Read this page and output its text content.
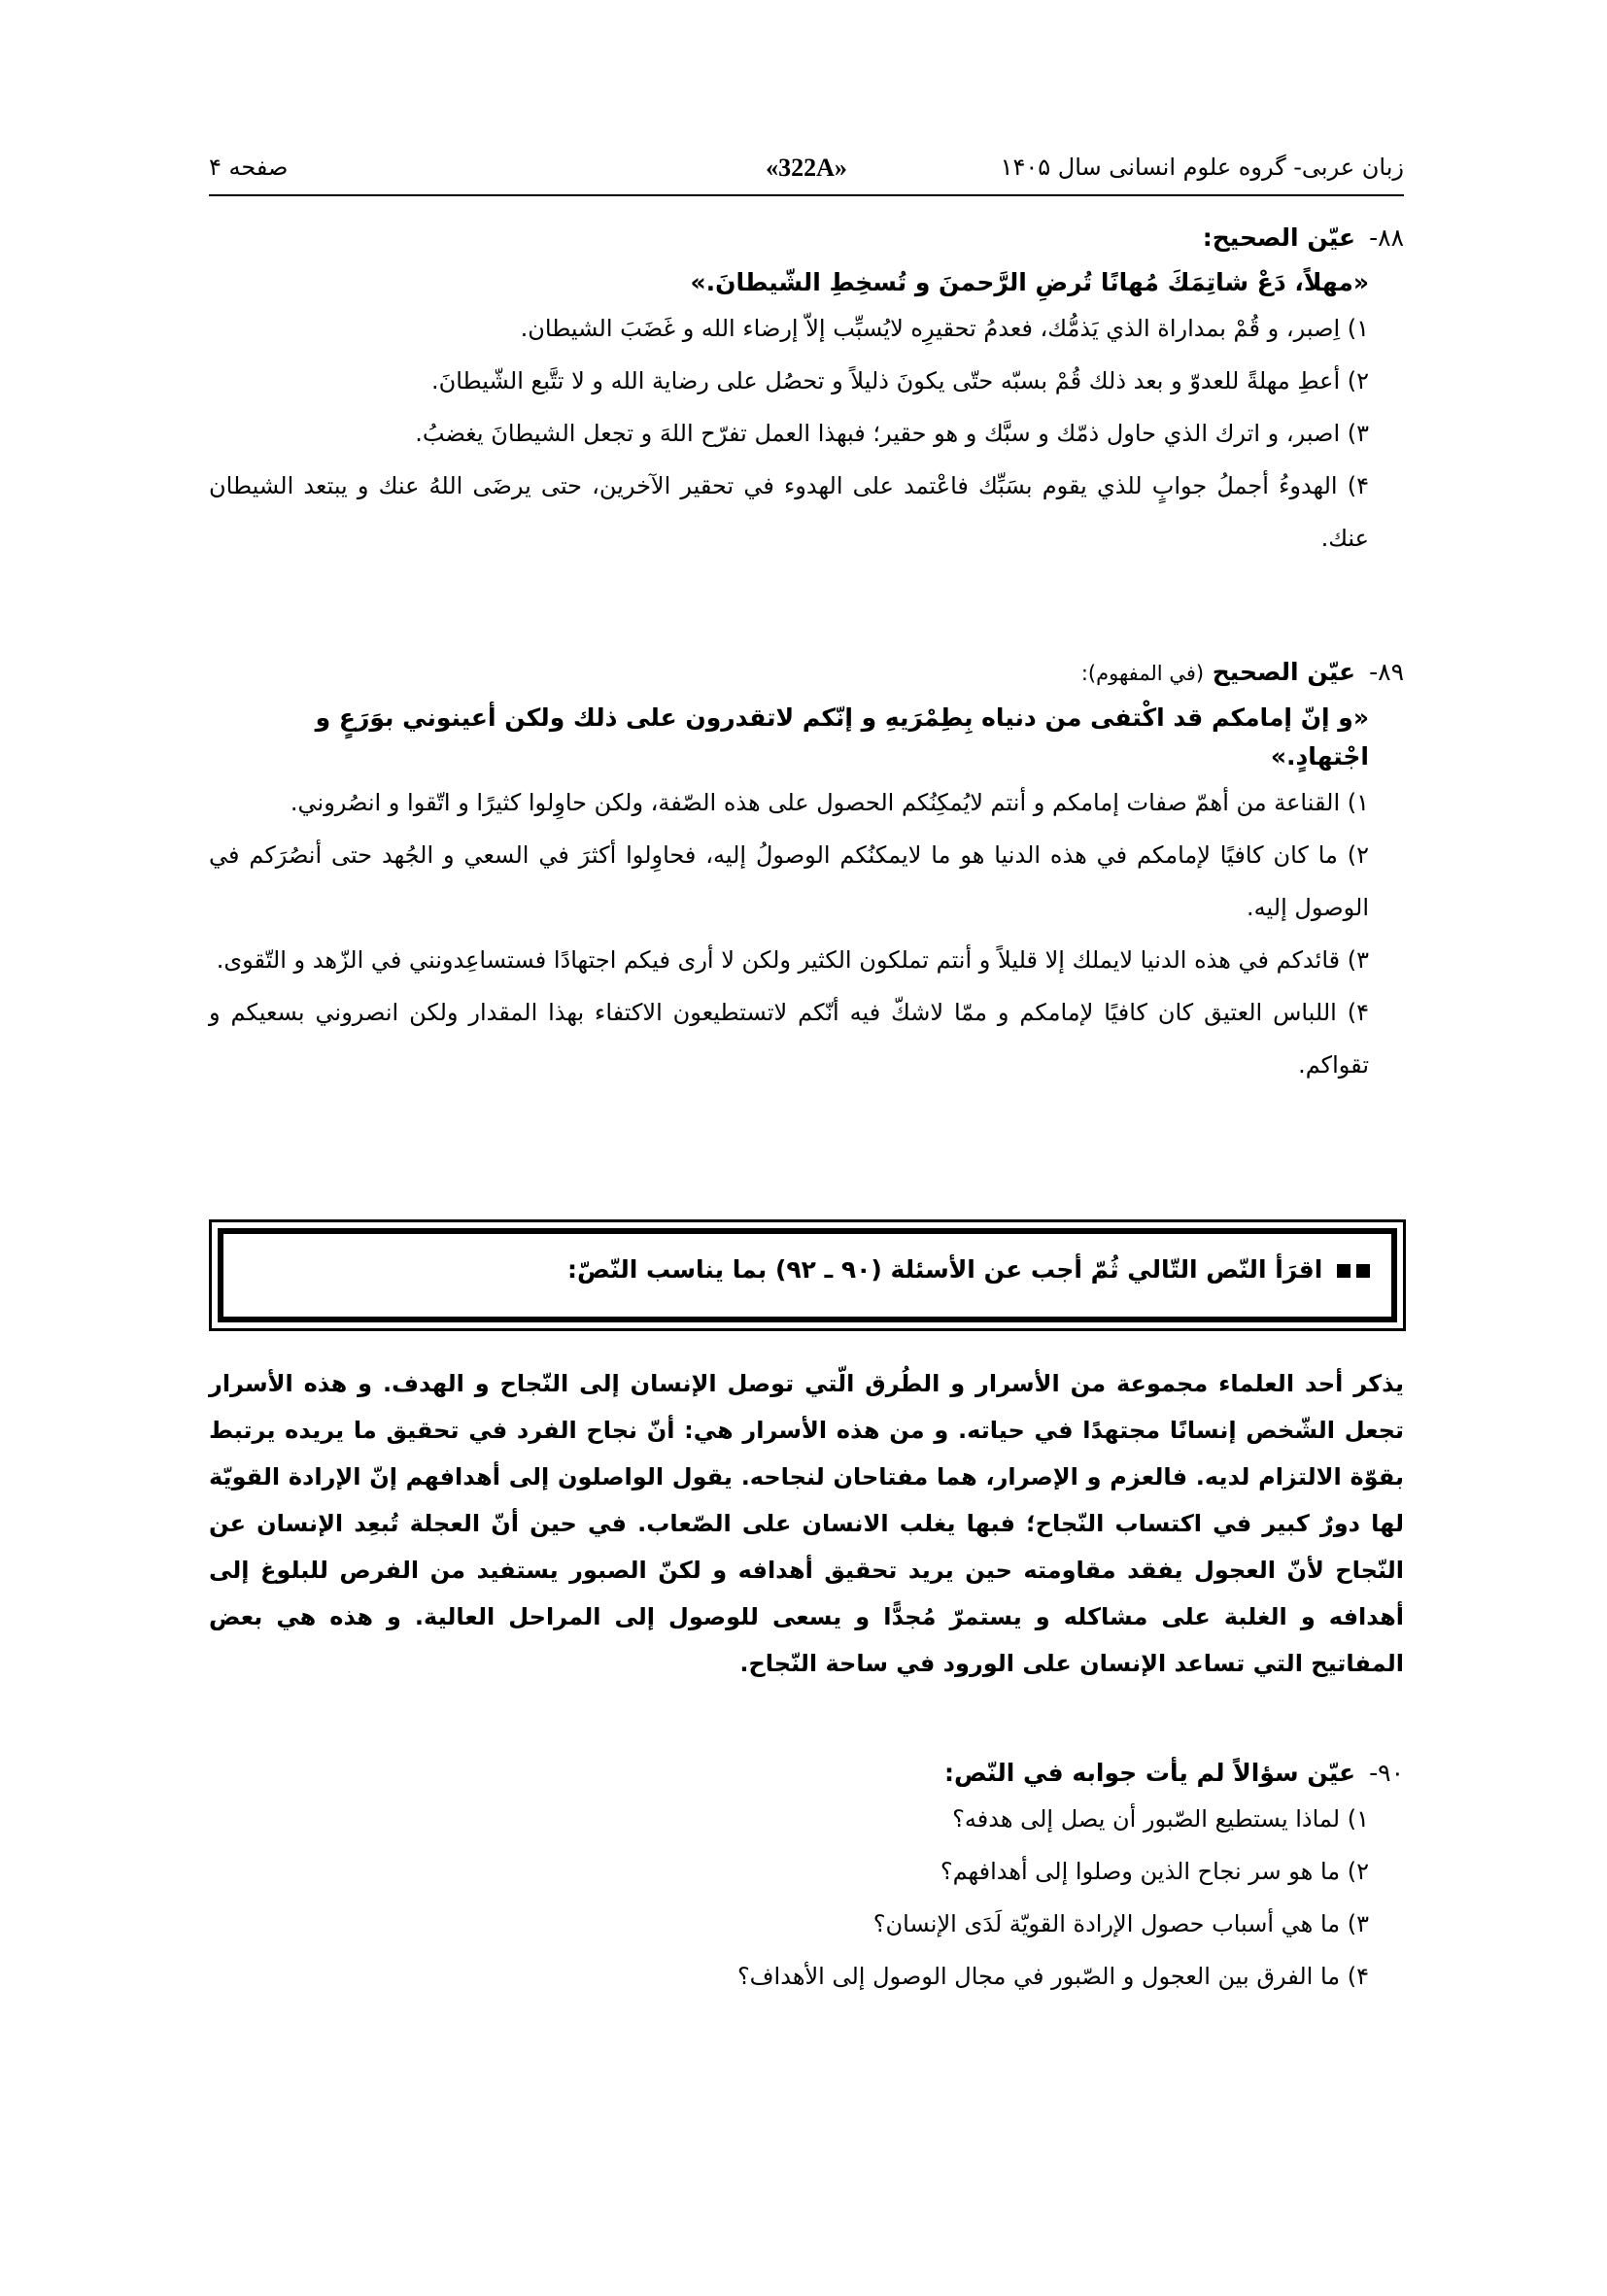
زبان عربی- گروه علوم انسانی سال ۱۴۰۵
«322A»
صفحه ۴
۸۸-عیّن الصحیح:
«مهلاً، دَعْ شاتِمَكَ مُهانًا تُرضِ الرَّحمنَ و تُسخِطِ الشّیطانَ.»
۱) اِصبر، و قُمْ بمداراة الذي یَذمُّك، فعدمُ تحقیرِه لایُسبِّب إلاّ إرضاء الله و غَضَبَ الشیطان.
۲) أعطِ مهلةً للعدوّ و بعد ذلك قُمْ بسبّه حتّی یکونَ ذلیلاً و تحصُل علی رضایة الله و لا تتَّبع الشّیطانَ.
۳) اصبر، و اترك الذي حاول ذمّك و سبَّك و هو حقیر؛ فبهذا العمل تفرّح اللهَ و تجعل الشیطانَ یغضبُ.
۴) الهدوءُ أجملُ جوابٍ للذي یقوم بسَبِّك فاعْتمد علی الهدوء في تحقیر الآخرین، حتی یرضَی اللهُ عنك و یبتعد الشیطان عنك.
۸۹-عیّن الصحیح (في المفهوم):
«و إنّ إمامکم قد اکْتفی من دنیاه بِطِمْرَیهِ و إنّکم لاتقدرون علی ذلك ولکن أعینوني بوَرَعٍ و اجْتهادٍ.»
۱) القناعة من أهمّ صفات إمامکم و أنتم لایُمکِنُکم الحصول علی هذه الصّفة، ولکن حاوِلوا کثیرًا و اتّقوا و انصُروني.
۲) ما کان کافیًا لإمامکم في هذه الدنیا هو ما لایمکنُکم الوصولُ إلیه، فحاوِلوا أکثرَ في السعي و الجُهد حتی أنصُرَکم في الوصول إلیه.
۳) قائدکم في هذه الدنیا لایملك إلا قلیلاً و أنتم تملکون الکثیر ولکن لا أری فیکم اجتهادًا فستساعِدونني في الزّهد و التّقوی.
۴) اللباس العتیق کان کافیًا لإمامکم و ممّا لاشكّ فیه أنّکم لاتستطیعون الاکتفاء بهذا المقدار ولکن انصروني بسعیکم و تقواکم.
اقرَأ النّص التّالي ثُمّ أجب عن الأسئلة (۹۰ ـ ۹۲) بما یناسب النّصّ:
یذکر أحد العلماء مجموعة من الأسرار و الطُرق الّتي توصل الإنسان إلی النّجاح و الهدف. و هذه الأسرار تجعل الشّخص إنسانًا مجتهدًا في حیاته. و من هذه الأسرار هي: أنّ نجاح الفرد في تحقیق ما یریده یرتبط بقوّة الالتزام لدیه. فالعزم و الإصرار، هما مفتاحان لنجاحه. یقول الواصلون إلی أهدافهم إنّ الإرادة القویّة لها دورٌ کبیر في اکتساب النّجاح؛ فبها یغلب الانسان علی الصّعاب. في حین أنّ العجلة تُبعِد الإنسان عن النّجاح لأنّ العجول یفقد مقاومته حین یرید تحقیق أهدافه و لکنّ الصبور یستفید من الفرص للبلوغ إلی أهدافه و الغلبة علی مشاکله و یستمرّ مُجدًّا و یسعی للوصول إلی المراحل العالیة. و هذه هي بعض المفاتیح التي تساعد الإنسان علی الورود في ساحة النّجاح.
۹۰-عیّن سؤالاً لم یأت جوابه في النّص:
۱) لماذا یستطیع الصّبور أن یصل إلی هدفه؟
۲) ما هو سر نجاح الذین وصلوا إلی أهدافهم؟
۳) ما هي أسباب حصول الإرادة القویّة لَدَی الإنسان؟
۴) ما الفرق بین العجول و الصّبور في مجال الوصول إلی الأهداف؟
